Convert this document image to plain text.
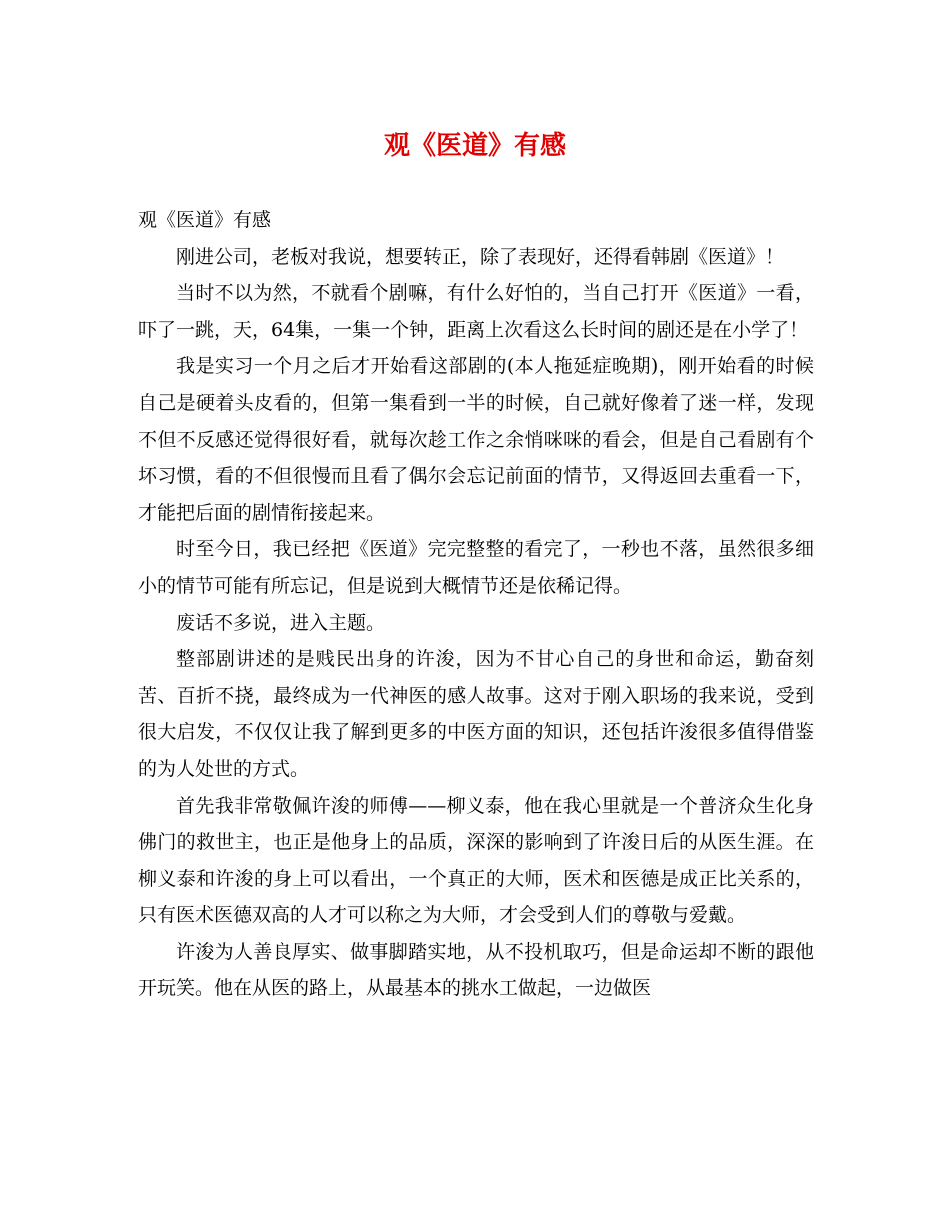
观《医道》有感

观《医道》有感

刚进公司，老板对我说，想要转正，除了表现好，还得看韩剧《医道》！

当时不以为然，不就看个剧嘛，有什么好怕的，当自己打开《医道》一看，吓了一跳，天，64集，一集一个钟，距离上次看这么长时间的剧还是在小学了！

我是实习一个月之后才开始看这部剧的(本人拖延症晚期)，刚开始看的时候自己是硬着头皮看的，但第一集看到一半的时候，自己就好像着了迷一样，发现不但不反感还觉得很好看，就每次趁工作之余悄咪咪的看会，但是自己看剧有个坏习惯，看的不但很慢而且看了偶尔会忘记前面的情节，又得返回去重看一下，才能把后面的剧情衔接起来。

时至今日，我已经把《医道》完完整整的看完了，一秒也不落，虽然很多细小的情节可能有所忘记，但是说到大概情节还是依稀记得。

废话不多说，进入主题。

整部剧讲述的是贱民出身的许浚，因为不甘心自己的身世和命运，勤奋刻苦、百折不挠，最终成为一代神医的感人故事。这对于刚入职场的我来说，受到很大启发，不仅仅让我了解到更多的中医方面的知识，还包括许浚很多值得借鉴的为人处世的方式。

首先我非常敬佩许浚的师傅——柳义泰，他在我心里就是一个普济众生化身佛门的救世主，也正是他身上的品质，深深的影响到了许浚日后的从医生涯。在柳义泰和许浚的身上可以看出，一个真正的大师，医术和医德是成正比关系的，只有医术医德双高的人才可以称之为大师，才会受到人们的尊敬与爱戴。

许浚为人善良厚实、做事脚踏实地，从不投机取巧，但是命运却不断的跟他开玩笑。他在从医的路上，从最基本的挑水工做起，一边做医
